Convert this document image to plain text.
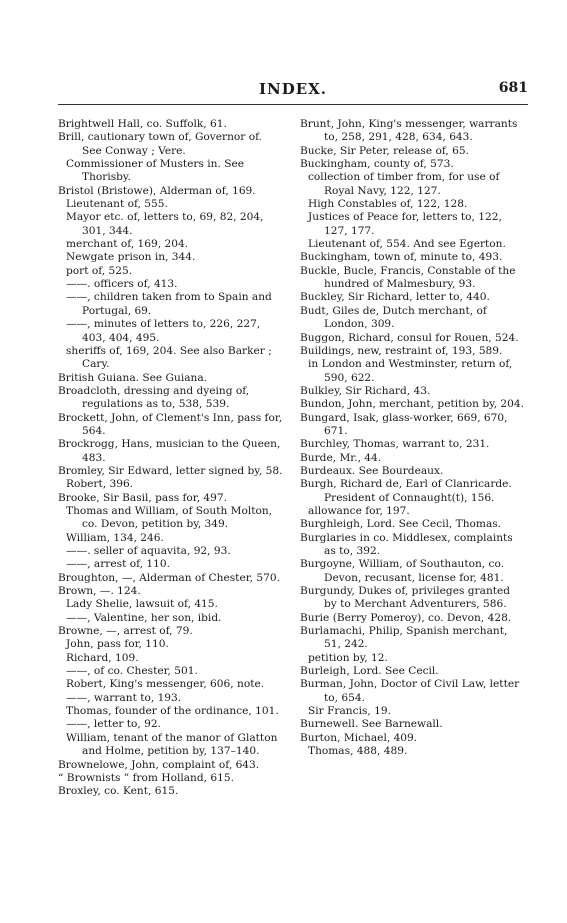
INDEX.	681
Brightwell Hall, co. Suffolk, 61.
Brill, cautionary town of, Governor of. See Conway ; Vere.
Commissioner of Musters in. See Thorisby.
Bristol (Bristowe), Alderman of, 169.
Lieutenant of, 555.
Mayor etc. of, letters to, 69, 82, 204, 301, 344.
merchant of, 169, 204.
Newgate prison in, 344.
port of, 525.
——. officers of, 413.
——, children taken from to Spain and Portugal, 69.
——, minutes of letters to, 226, 227, 403, 404, 495.
sheriffs of, 169, 204. See also Barker ; Cary.
British Guiana. See Guiana.
Broadcloth, dressing and dyeing of, regulations as to, 538, 539.
Brockett, John, of Clement's Inn, pass for, 564.
Brockrogg, Hans, musician to the Queen, 483.
Bromley, Sir Edward, letter signed by, 58.
Robert, 396.
Brooke, Sir Basil, pass for, 497.
Thomas and William, of South Molton, co. Devon, petition by, 349.
William, 134, 246.
——. seller of aquavita, 92, 93.
——, arrest of, 110.
Broughton, —, Alderman of Chester, 570.
Brown, —. 124.
Lady Shelie, lawsuit of, 415.
——, Valentine, her son, ibid.
Browne, —, arrest of, 79.
John, pass for, 110.
Richard, 109.
——, of co. Chester, 501.
Robert, King's messenger, 606, note.
——, warrant to, 193.
Thomas, founder of the ordinance, 101.
——, letter to, 92.
William, tenant of the manor of Glatton and Holme, petition by, 137–140.
Brownelowe, John, complaint of, 643.
“ Brownists ” from Holland, 615.
Broxley, co. Kent, 615.
Brunt, John, King's messenger, warrants to, 258, 291, 428, 634, 643.
Bucke, Sir Peter, release of, 65.
Buckingham, county of, 573.
collection of timber from, for use of Royal Navy, 122, 127.
High Constables of, 122, 128.
Justices of Peace for, letters to, 122, 127, 177.
Lieutenant of, 554. And see Egerton.
Buckingham, town of, minute to, 493.
Buckle, Bucle, Francis, Constable of the hundred of Malmesbury, 93.
Buckley, Sir Richard, letter to, 440.
Budt, Giles de, Dutch merchant, of London, 309.
Buggon, Richard, consul for Rouen, 524.
Buildings, new, restraint of, 193, 589.
in London and Westminster, return of, 590, 622.
Bulkley, Sir Richard, 43.
Bundon, John, merchant, petition by, 204.
Bungard, Isak, glass-worker, 669, 670, 671.
Burchley, Thomas, warrant to, 231.
Burde, Mr., 44.
Burdeaux. See Bourdeaux.
Burgh, Richard de, Earl of Clanricarde. President of Connaught(t), 156.
allowance for, 197.
Burghleigh, Lord. See Cecil, Thomas.
Burglaries in co. Middlesex, complaints as to, 392.
Burgoyne, William, of Southauton, co. Devon, recusant, license for, 481.
Burgundy, Dukes of, privileges granted by to Merchant Adventurers, 586.
Burie (Berry Pomeroy), co. Devon, 428.
Burlamachi, Philip, Spanish merchant, 51, 242.
petition by, 12.
Burleigh, Lord. See Cecil.
Burman, John, Doctor of Civil Law, letter to, 654.
Sir Francis, 19.
Burnewell. See Barnewall.
Burton, Michael, 409.
Thomas, 488, 489.
